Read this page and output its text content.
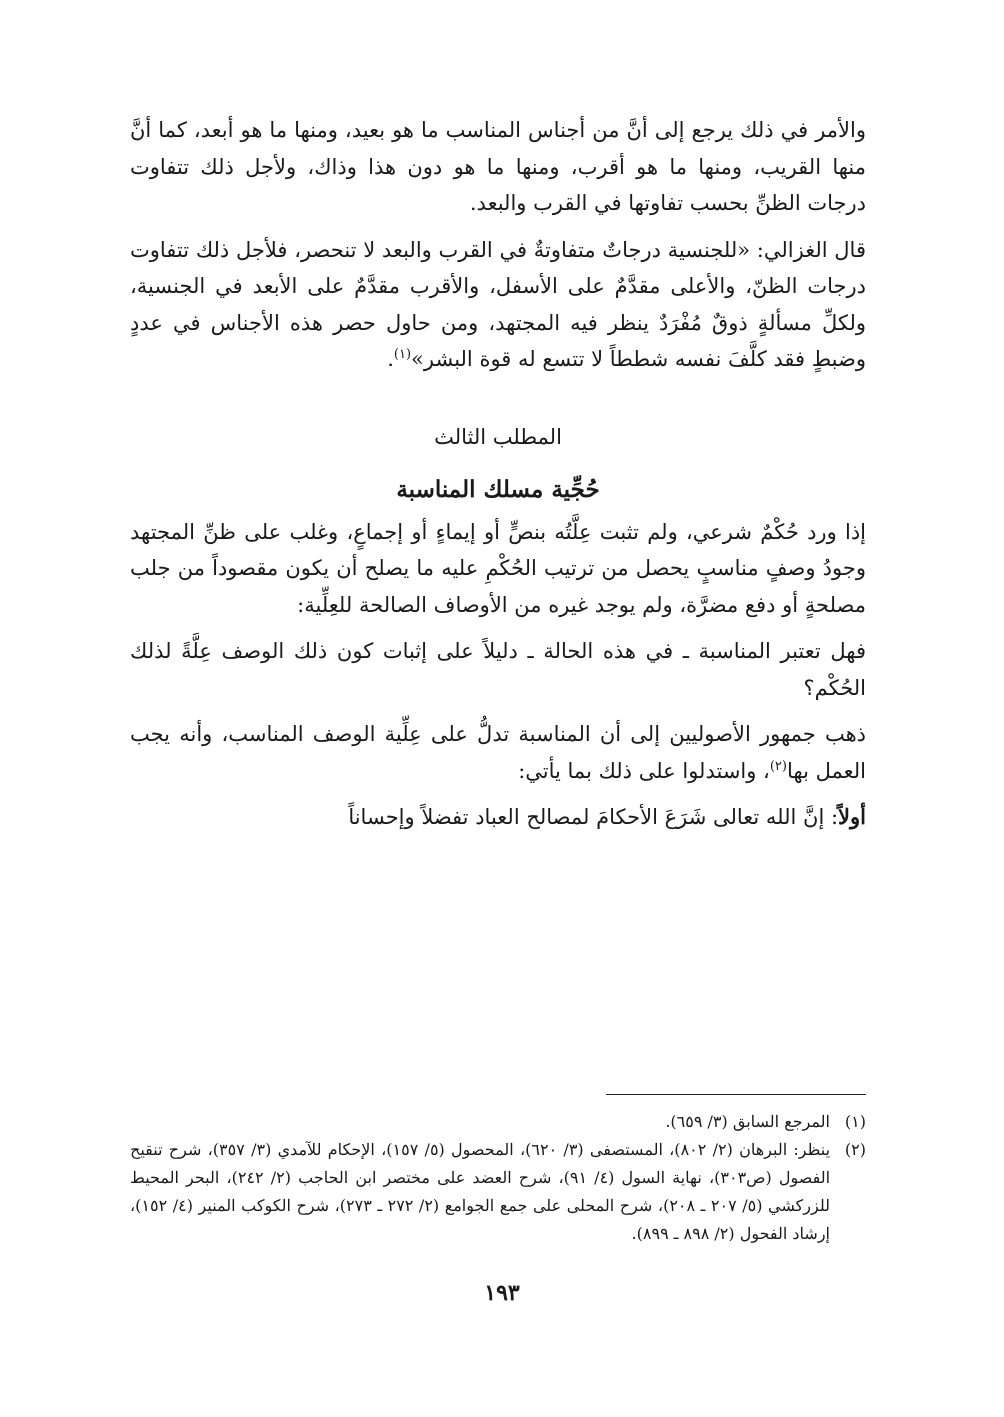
والأمر في ذلك يرجع إلى أنَّ من أجناس المناسب ما هو بعيد، ومنها ما هو أبعد، كما أنَّ منها القريب، ومنها ما هو أقرب، ومنها ما هو دون هذا وذاك، ولأجل ذلك تتفاوت درجات الظنِّ بحسب تفاوتها في القرب والبعد.

قال الغزالي: «للجنسية درجاتٌ متفاوتةٌ في القرب والبعد لا تنحصر، فلأجل ذلك تتفاوت درجات الظنّ، والأعلى مقدَّمٌ على الأسفل، والأقرب مقدَّمٌ على الأبعد في الجنسية، ولكلِّ مسألةٍ ذوقٌ مُفْرَدٌ ينظر فيه المجتهد، ومن حاول حصر هذه الأجناس في عددٍ وضبطٍ فقد كلَّفَ نفسه شططاً لا تتسع له قوة البشر»$^{(١)}$.

المطلب الثالث

حُجِّية مسلك المناسبة

إذا ورد حُكْمٌ شرعي، ولم تثبت عِلَّتُه بنصٍّ أو إيماءٍ أو إجماعٍ، وغلب على ظنِّ المجتهد وجودُ وصفٍ مناسبٍ يحصل من ترتيب الحُكْمِ عليه ما يصلح أن يكون مقصوداً من جلب مصلحةٍ أو دفع مضرَّة، ولم يوجد غيره من الأوصاف الصالحة للعِلِّية:

فهل تعتبر المناسبة ـ في هذه الحالة ـ دليلاً على إثبات كون ذلك الوصف عِلَّةً لذلك الحُكْم؟

ذهب جمهور الأصوليين إلى أن المناسبة تدلُّ على عِلِّية الوصف المناسب، وأنه يجب العمل بها$^{(٢)}$، واستدلوا على ذلك بما يأتي:

أولاً: إنَّ الله تعالى شَرَعَ الأحكامَ لمصالح العباد تفضلاً وإحساناً

(١)
المرجع السابق (٣/ ٦٥٩).
(٢)
ينظر: البرهان (٢/ ٨٠٢)، المستصفى (٣/ ٦٢٠)، المحصول (٥/ ١٥٧)، الإحكام للآمدي (٣/ ٣٥٧)، شرح تنقيح الفصول (ص٣٠٣)، نهاية السول (٤/ ٩١)، شرح العضد على مختصر ابن الحاجب (٢/ ٢٤٢)، البحر المحيط للزركشي (٥/ ٢٠٧ ـ ٢٠٨)، شرح المحلى على جمع الجوامع (٢/ ٢٧٢ ـ ٢٧٣)، شرح الكوكب المنير (٤/ ١٥٢)، إرشاد الفحول (٢/ ٨٩٨ ـ ٨٩٩).
١٩٣
